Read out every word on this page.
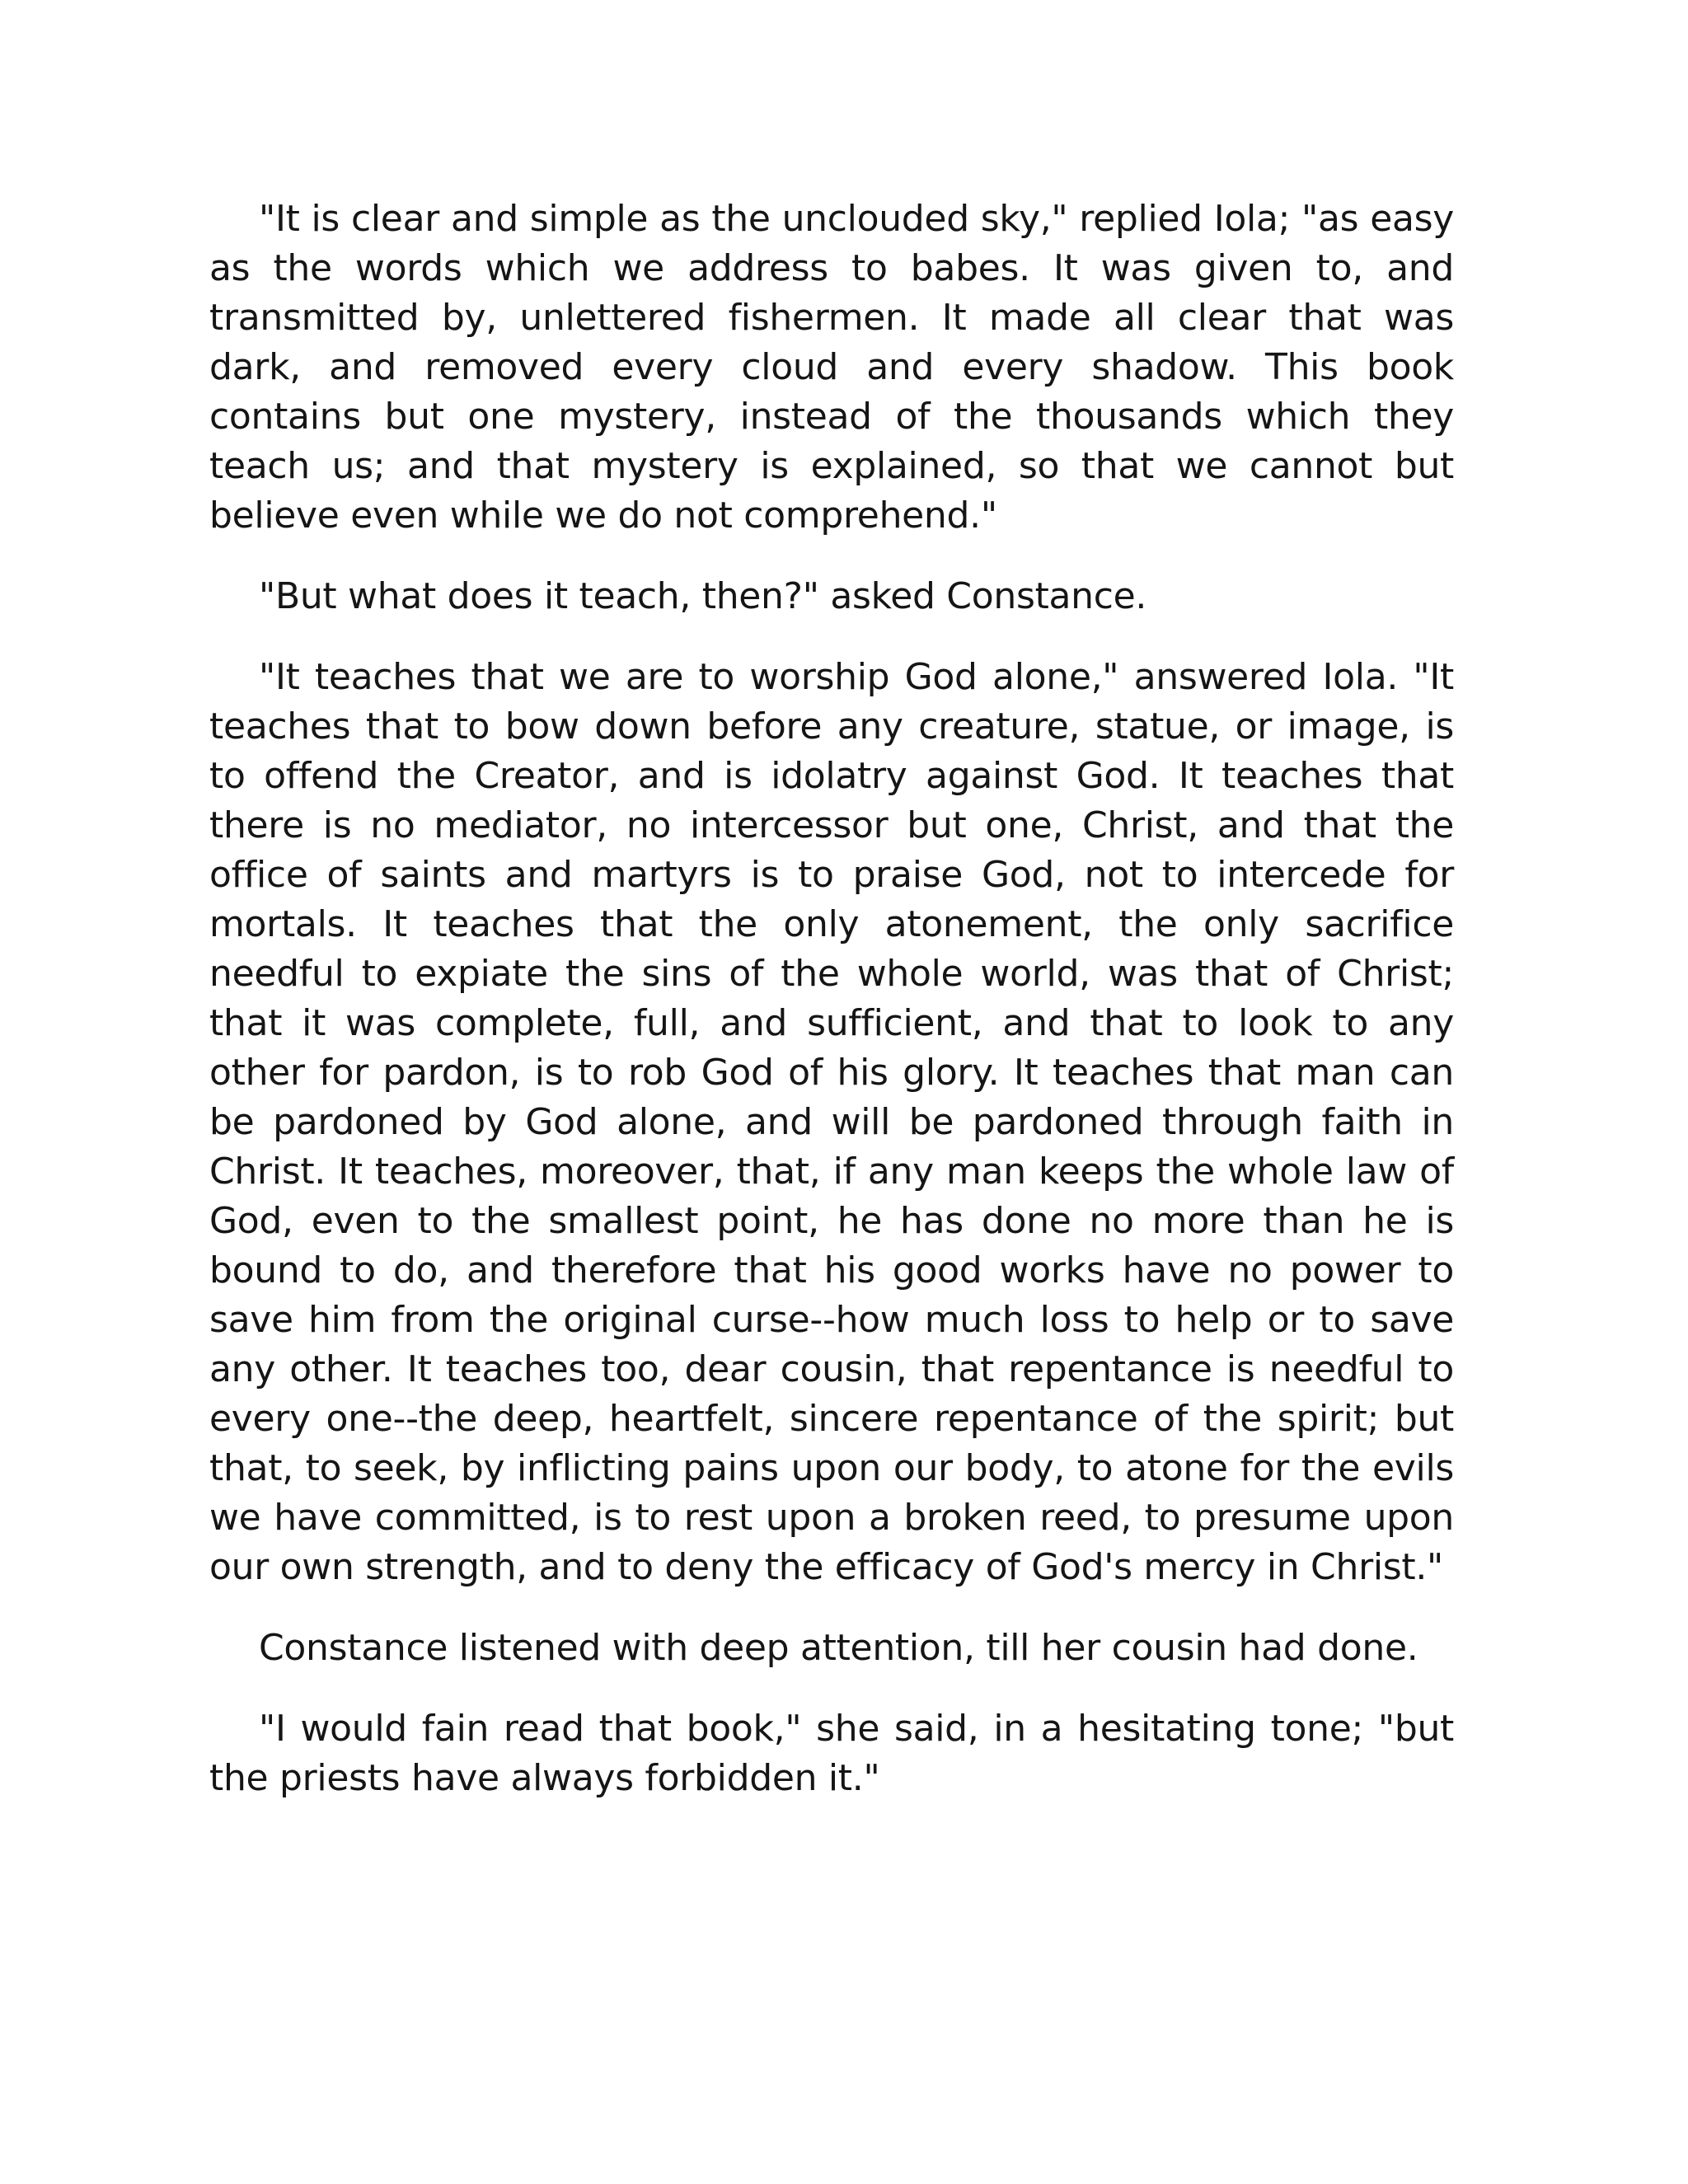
"It is clear and simple as the unclouded sky," replied Iola; "as easy as the words which we address to babes. It was given to, and transmitted by, unlettered fishermen. It made all clear that was dark, and removed every cloud and every shadow. This book contains but one mystery, instead of the thousands which they teach us; and that mystery is explained, so that we cannot but believe even while we do not comprehend."

"But what does it teach, then?" asked Constance.

"It teaches that we are to worship God alone," answered Iola. "It teaches that to bow down before any creature, statue, or image, is to offend the Creator, and is idolatry against God. It teaches that there is no mediator, no intercessor but one, Christ, and that the office of saints and martyrs is to praise God, not to intercede for mortals. It teaches that the only atonement, the only sacrifice needful to expiate the sins of the whole world, was that of Christ; that it was complete, full, and sufficient, and that to look to any other for pardon, is to rob God of his glory. It teaches that man can be pardoned by God alone, and will be pardoned through faith in Christ. It teaches, moreover, that, if any man keeps the whole law of God, even to the smallest point, he has done no more than he is bound to do, and therefore that his good works have no power to save him from the original curse--how much loss to help or to save any other. It teaches too, dear cousin, that repentance is needful to every one--the deep, heartfelt, sincere repentance of the spirit; but that, to seek, by inflicting pains upon our body, to atone for the evils we have committed, is to rest upon a broken reed, to presume upon our own strength, and to deny the efficacy of God's mercy in Christ."

Constance listened with deep attention, till her cousin had done.

"I would fain read that book," she said, in a hesitating tone; "but the priests have always forbidden it."
